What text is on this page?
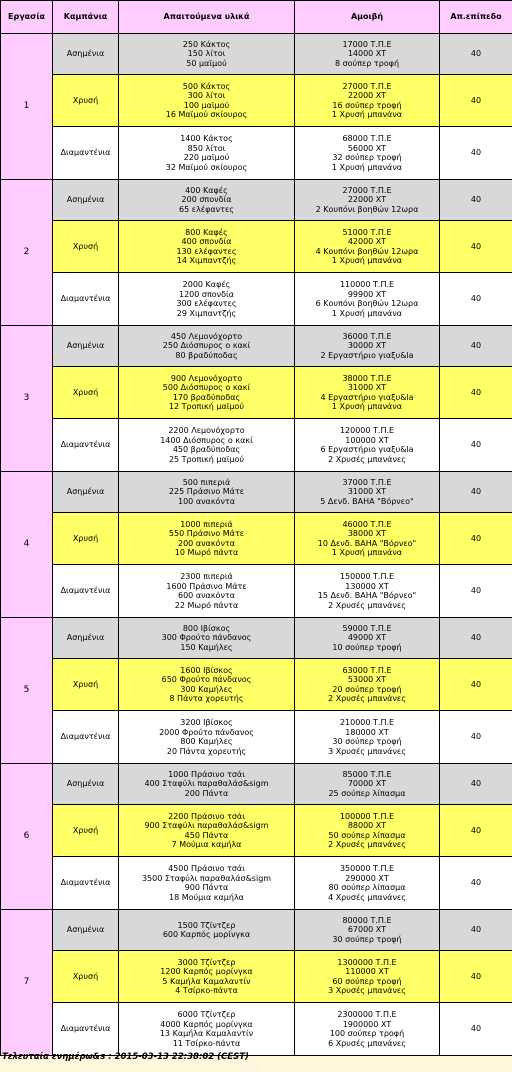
Εργασία	Καμπάνια	Απαιτούμενα υλικά	Αμοιβή	Απ.επίπεδο
1	Ασημένια	250 Κάκτος
150 λίτοι
50 μαϊμού	17000 Τ.Π.Ε
14000 ΧΤ
8 σούπερ τροφή	40
	Χρυσή	500 Κάκτος
300 λίτοι
100 μαϊμού
16 Μαϊμού σκίουρος	27000 Τ.Π.Ε
22000 ΧΤ
16 σούπερ τροφή
1 Χρυσή μπανάνα	40
	Διαμαντένια	1400 Κάκτος
850 λίτοι
220 μαϊμού
32 Μαϊμού σκίουρος	68000 Τ.Π.Ε
56000 ΧΤ
32 σούπερ τροφή
1 Χρυσή μπανάνα	40
2	Ασημένια	400 Καφές
200 σπονδία
65 ελέφαντες	27000 Τ.Π.Ε
22000 ΧΤ
2 Κουπόνι βοηθών 12ωρα	40
	Χρυσή	800 Καφές
400 σπονδία
130 ελέφαντες
14 Χιμπαντζής	51000 Τ.Π.Ε
42000 ΧΤ
4 Κουπόνι βοηθών 12ωρα
1 Χρυσή μπανάνα	40
	Διαμαντένια	2000 Καφές
1200 σπονδία
300 ελέφαντες
29 Χιμπαντζής	110000 Τ.Π.Ε
99900 ΧΤ
6 Κουπόνι βοηθών 12ωρα
1 Χρυσή μπανάνα	40
3	Ασημένια	450 Λεμονόχορτο
250 Διόσπυρος ο κακί
80 βραδύποδας	36000 Τ.Π.Ε
30000 ΧΤ
2 Εργαστήριο γιαξυ&la	40
	Χρυσή	900 Λεμονόχορτο
500 Διόσπυρος ο κακί
170 βραδύποδας
12 Τροπική μαϊμού	38000 Τ.Π.Ε
31000 ΧΤ
4 Εργαστήριο γιαξυ&la
1 Χρυσή μπανάνα	40
	Διαμαντένια	2200 Λεμονόχορτο
1400 Διόσπυρος ο κακί
450 βραδύποδας
25 Τροπική μαϊμού	120000 Τ.Π.Ε
100000 ΧΤ
6 Εργαστήριο γιαξυ&la
2 Χρυσές μπανάνες	40
4	Ασημένια	500 πιπεριά
225 Πράσινο Μάτε
100 ανακόντα	37000 Τ.Π.Ε
31000 ΧΤ
5 Δενδ. ΒΑΗΑ "Βόρνεο"	40
	Χρυσή	1000 πιπεριά
550 Πράσινο Μάτε
200 ανακόντα
10 Μωρό πάντα	46000 Τ.Π.Ε
38000 ΧΤ
10 Δενδ. ΒΑΗΑ "Βόρνεο"
1 Χρυσή μπανάνα	40
	Διαμαντένια	2300 πιπεριά
1600 Πράσινο Μάτε
600 ανακόντα
22 Μωρό πάντα	150000 Τ.Π.Ε
130000 ΧΤ
15 Δενδ. ΒΑΗΑ "Βόρνεο"
2 Χρυσές μπανάνες	40
5	Ασημένια	800 Ιβίσκος
300 Φρούτο πάνδανος
150 Καμήλες	59000 Τ.Π.Ε
49000 ΧΤ
10 σούπερ τροφή	40
	Χρυσή	1600 Ιβίσκος
650 Φρούτο πάνδανος
300 Καμήλες
8 Πάντα χορευτής	63000 Τ.Π.Ε
53000 ΧΤ
20 σούπερ τροφή
2 Χρυσές μπανάνες	40
	Διαμαντένια	3200 Ιβίσκος
2000 Φρούτο πάνδανος
800 Καμήλες
20 Πάντα χορευτής	210000 Τ.Π.Ε
180000 ΧΤ
30 σούπερ τροφή
3 Χρυσές μπανάνες	40
6	Ασημένια	1000 Πράσινο τσάι
400 Σταφύλι παραθαλάσ&sigm
200 Πάντα	85000 Τ.Π.Ε
70000 ΧΤ
25 σούπερ λίπασμα	40
	Χρυσή	2200 Πράσινο τσάι
900 Σταφύλι παραθαλάσ&sigm
450 Πάντα
7 Μούμια καμήλα	100000 Τ.Π.Ε
88000 ΧΤ
50 σούπερ λίπασμα
2 Χρυσές μπανάνες	40
	Διαμαντένια	4500 Πράσινο τσάι
3500 Σταφύλι παραθαλάσ&sigm
900 Πάντα
18 Μούμια καμήλα	350000 Τ.Π.Ε
290000 ΧΤ
80 σούπερ λίπασμα
4 Χρυσές μπανάνες	40
7	Ασημένια	1500 Τζίντζερ
600 Καρπός μορίνγκα	80000 Τ.Π.Ε
67000 ΧΤ
30 σούπερ τροφή	40
	Χρυσή	3000 Τζίντζερ
1200 Καρπός μορίνγκα
5 Καμήλα Καμαλαντίν
4 Τσίρκο-πάντα	1300000 Τ.Π.Ε
110000 ΧΤ
60 σούπερ τροφή
3 Χρυσές μπανάνες	40
	Διαμαντένια	6000 Τζίντζερ
4000 Καρπός μορίνγκα
13 Καμήλα Καμαλαντίν
11 Τσίρκο-πάντα	2300000 Τ.Π.Ε
1900000 ΧΤ
100 σούπερ τροφή
6 Χρυσές μπανάνες	40
Τελευταία ενημέρω&s : 2015-03-13 22:38:02 (CEST)
